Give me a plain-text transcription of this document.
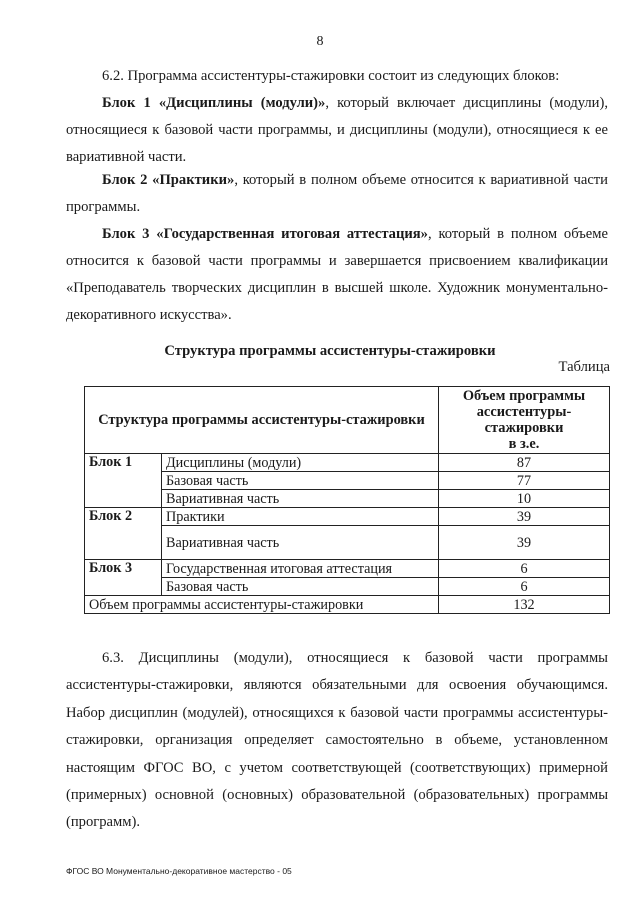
8

6.2. Программа ассистентуры-стажировки состоит из следующих блоков:

Блок 1 «Дисциплины (модули)», который включает дисциплины (модули), относящиеся к базовой части программы, и дисциплины (модули), относящиеся к ее вариативной части.

Блок 2 «Практики», который в полном объеме относится к вариативной части программы.

Блок 3 «Государственная итоговая аттестация», который в полном объеме относится к базовой части программы и завершается присвоением квалификации «Преподаватель творческих дисциплин в высшей школе. Художник монументально-декоративного искусства».

Структура программы ассистентуры-стажировки
Таблица
Структура программы ассистентуры-стажировки		Объем программы ассистентуры-стажировки
в з.е.

Блок 1	Дисциплины (модули)	87
	Базовая часть	77
	Вариативная часть	10
Блок 2	Практики	39
	Вариативная часть	39
Блок 3	Государственная итоговая аттестация	6
	Базовая часть	6
Объем программы ассистентуры-стажировки		132

6.3. Дисциплины (модули), относящиеся к базовой части программы ассистентуры-стажировки, являются обязательными для освоения обучающимся. Набор дисциплин (модулей), относящихся к базовой части программы ассистентуры-стажировки, организация определяет самостоятельно в объеме, установленном настоящим ФГОС ВО, с учетом соответствующей (соответствующих) примерной (примерных) основной (основных) образовательной (образовательных) программы (программ).

ФГОС ВО Монументально-декоративное мастерство - 05
